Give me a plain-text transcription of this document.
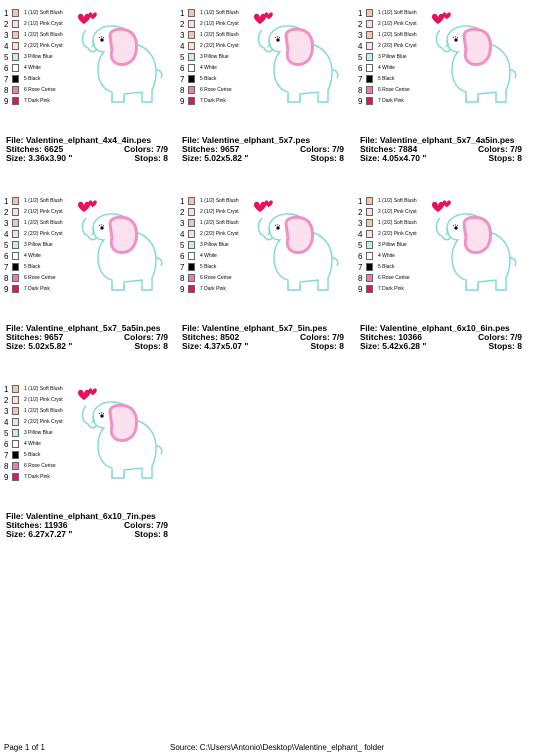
1	1 (1/2) Soft Blush
2	2 (1/2) Pink Cryst
3	1 (2/2) Soft Blush
4	2 (2/2) Pink Cryst
5	3 Pillow Blue
6	4 White
7	5 Black
8	6 Rose Cerise
9	7 Dark Pink
File: Valentine_elphant_4x4_4in.pes
Stitches: 6625	Colors: 7/9
Size: 3.36x3.90 "	Stops: 8
1	1 (1/2) Soft Blush
2	2 (1/2) Pink Cryst
3	1 (2/2) Soft Blush
4	2 (2/2) Pink Cryst
5	3 Pillow Blue
6	4 White
7	5 Black
8	6 Rose Cerise
9	7 Dark Pink
File: Valentine_elphant_5x7.pes
Stitches: 9657	Colors: 7/9
Size: 5.02x5.82 "	Stops: 8
1	1 (1/2) Soft Blush
2	2 (1/2) Pink Cryst
3	1 (2/2) Soft Blush
4	2 (2/2) Pink Cryst
5	3 Pillow Blue
6	4 White
7	5 Black
8	6 Rose Cerise
9	7 Dark Pink
File: Valentine_elphant_5x7_4a5in.pes
Stitches: 7884	Colors: 7/9
Size: 4.05x4.70 "	Stops: 8
1	1 (1/2) Soft Blush
2	2 (1/2) Pink Cryst
3	1 (2/2) Soft Blush
4	2 (2/2) Pink Cryst
5	3 Pillow Blue
6	4 White
7	5 Black
8	6 Rose Cerise
9	7 Dark Pink
File: Valentine_elphant_5x7_5a5in.pes
Stitches: 9657	Colors: 7/9
Size: 5.02x5.82 "	Stops: 8
1	1 (1/2) Soft Blush
2	2 (1/2) Pink Cryst
3	1 (2/2) Soft Blush
4	2 (2/2) Pink Cryst
5	3 Pillow Blue
6	4 White
7	5 Black
8	6 Rose Cerise
9	7 Dark Pink
File: Valentine_elphant_5x7_5in.pes
Stitches: 8502	Colors: 7/9
Size: 4.37x5.07 "	Stops: 8
1	1 (1/2) Soft Blush
2	2 (1/2) Pink Cryst
3	1 (2/2) Soft Blush
4	2 (2/2) Pink Cryst
5	3 Pillow Blue
6	4 White
7	5 Black
8	6 Rose Cerise
9	7 Dark Pink
File: Valentine_elphant_6x10_6in.pes
Stitches: 10366	Colors: 7/9
Size: 5.42x6.28 "	Stops: 8
1	1 (1/2) Soft Blush
2	2 (1/2) Pink Cryst
3	1 (2/2) Soft Blush
4	2 (2/2) Pink Cryst
5	3 Pillow Blue
6	4 White
7	5 Black
8	6 Rose Cerise
9	7 Dark Pink
File: Valentine_elphant_6x10_7in.pes
Stitches: 11936	Colors: 7/9
Size: 6.27x7.27 "	Stops: 8
Page 1 of 1	Source: C:\Users\Antonio\Desktop\Valentine_elphant_ folder
